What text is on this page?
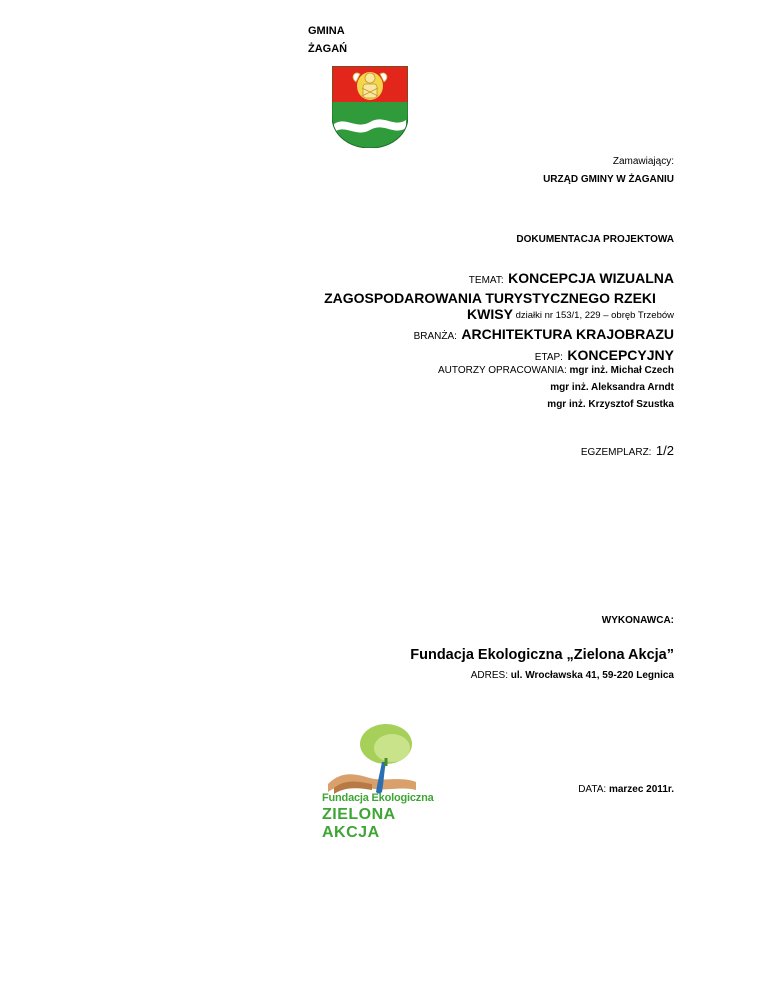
GMINA
ŻAGAŃ
Zamawiający:
URZĄD GMINY W ŻAGANIU
DOKUMENTACJA PROJEKTOWA
TEMAT: KONCEPCJA WIZUALNA
ZAGOSPODAROWANIA TURYSTYCZNEGO RZEKI KWISY działki nr 153/1, 229 – obręb Trzebów
BRANŻA: ARCHITEKTURA KRAJOBRAZU
ETAP: KONCEPCYJNY
AUTORZY OPRACOWANIA: mgr inż. Michał Czech
mgr inż. Aleksandra Arndt
mgr inż. Krzysztof Szustka
EGZEMPLARZ: 1/2
WYKONAWCA:
Fundacja Ekologiczna „Zielona Akcja”
ADRES: ul. Wrocławska 41, 59-220 Legnica
Fundacja Ekologiczna
ZIELONA AKCJA
DATA: marzec 2011r.
